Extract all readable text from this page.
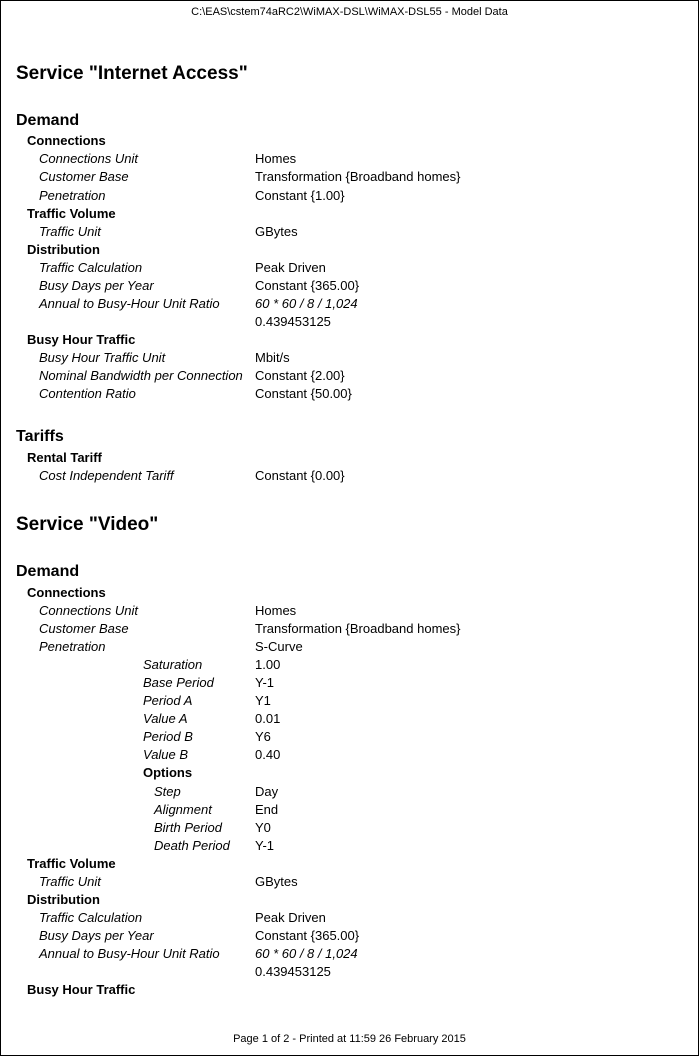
C:\EAS\cstem74aRC2\WiMAX-DSL\WiMAX-DSL55 - Model Data
Service "Internet Access"
Demand
Connections
Connections Unit	Homes
Customer Base	Transformation {Broadband homes}
Penetration	Constant {1.00}
Traffic Volume
Traffic Unit	GBytes
Distribution
Traffic Calculation	Peak Driven
Busy Days per Year	Constant {365.00}
Annual to Busy-Hour Unit Ratio	60 * 60 / 8 / 1,024
0.439453125
Busy Hour Traffic
Busy Hour Traffic Unit	Mbit/s
Nominal Bandwidth per Connection Constant {2.00}
Contention Ratio	Constant {50.00}
Tariffs
Rental Tariff
Cost Independent Tariff	Constant {0.00}
Service "Video"
Demand
Connections
Connections Unit	Homes
Customer Base	Transformation {Broadband homes}
Penetration	S-Curve
Saturation	1.00
Base Period	Y-1
Period A	Y1
Value A	0.01
Period B	Y6
Value B	0.40
Options
Step	Day
Alignment	End
Birth Period	Y0
Death Period Y-1
Traffic Volume
Traffic Unit	GBytes
Distribution
Traffic Calculation	Peak Driven
Busy Days per Year	Constant {365.00}
Annual to Busy-Hour Unit Ratio	60 * 60 / 8 / 1,024
0.439453125
Busy Hour Traffic
Page 1 of 2 - Printed at 11:59 26 February 2015
